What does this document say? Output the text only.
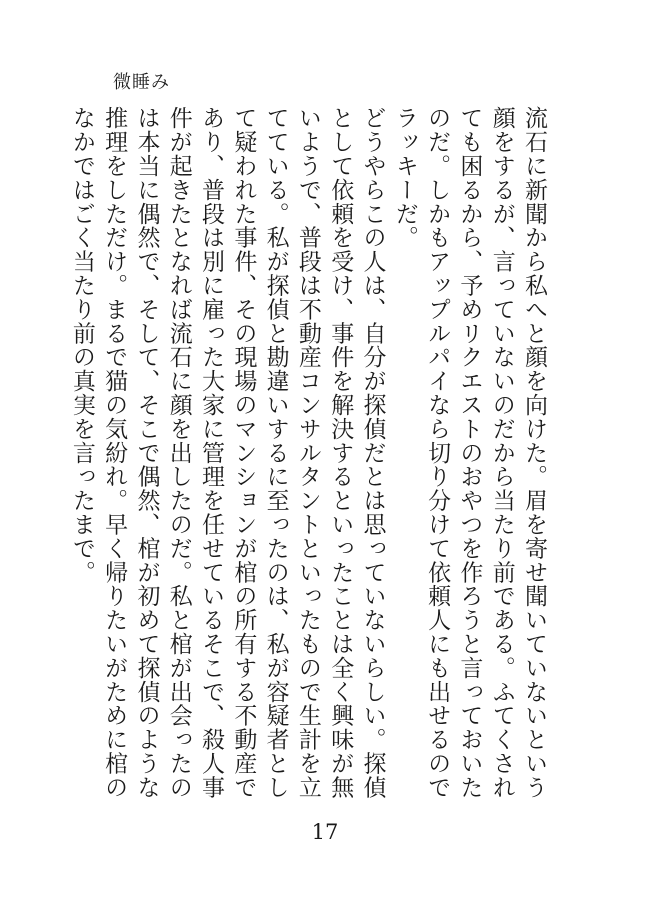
微睡み

流石に新聞から私へと顔を向けた。眉を寄せ聞いていないという顔をするが、言っていないのだから当たり前である。ふてくされても困るから、予めリクエストのおやつを作ろうと言っておいたのだ。しかもアップルパイなら切り分けて依頼人にも出せるのでラッキーだ。

どうやらこの人は、自分が探偵だとは思っていないらしい。探偵として依頼を受け、事件を解決するといったことは全く興味が無いようで、普段は不動産コンサルタントといったもので生計を立てている。私が探偵と勘違いするに至ったのは、私が容疑者として疑われた事件、その現場のマンションが棺の所有する不動産であり、普段は別に雇った大家に管理を任せているそこで、殺人事件が起きたとなれば流石に顔を出したのだ。私と棺が出会ったのは本当に偶然で、そして、そこで偶然、棺が初めて探偵のような推理をしただけ。まるで猫の気紛れ。早く帰りたいがために棺のなかではごく当たり前の真実を言ったまで。

17
